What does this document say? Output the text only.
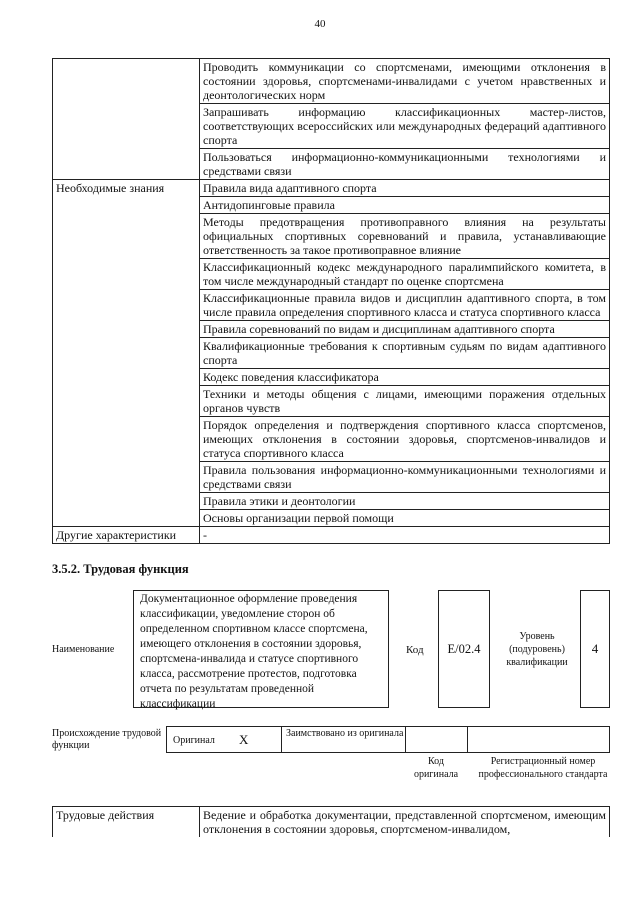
40
	Проводить коммуникации со спортсменами, имеющими отклонения в состоянии здоровья, спортсменами-инвалидами с учетом нравственных и деонтологических норм
	Запрашивать информацию классификационных мастер-листов, соответствующих всероссийских или международных федераций адаптивного спорта
	Пользоваться информационно-коммуникационными технологиями и средствами связи
Необходимые знания	Правила вида адаптивного спорта
	Антидопинговые правила
	Методы предотвращения противоправного влияния на результаты официальных спортивных соревнований и правила, устанавливающие ответственность за такое противоправное влияние
	Классификационный кодекс международного паралимпийского комитета, в том числе международный стандарт по оценке спортсмена
	Классификационные правила видов и дисциплин адаптивного спорта, в том числе правила определения спортивного класса и статуса спортивного класса
	Правила соревнований по видам и дисциплинам адаптивного спорта
	Квалификационные требования к спортивным судьям по видам адаптивного спорта
	Кодекс поведения классификатора
	Техники и методы общения с лицами, имеющими поражения отдельных органов чувств
	Порядок определения и подтверждения спортивного класса спортсменов, имеющих отклонения в состоянии здоровья, спортсменов-инвалидов и статуса спортивного класса
	Правила пользования информационно-коммуникационными технологиями и средствами связи
	Правила этики и деонтологии
	Основы организации первой помощи
Другие характеристики	-
3.5.2. Трудовая функция
Наименование
Документационное оформление проведения классификации, уведомление сторон об определенном спортивном классе спортсмена, имеющего отклонения в состоянии здоровья, спортсмена-инвалида и статусе спортивного класса, рассмотрение протестов, подготовка отчета по результатам проведенной классификации
Код E/02.4
Уровень (подуровень) квалификации
4
Происхождение трудовой функции	Оригинал X	Заимствовано из оригинала
Код оригинала
Регистрационный номер профессионального стандарта
Трудовые действия	Ведение и обработка документации, представленной спортсменом, имеющим отклонения в состоянии здоровья, спортсменом-инвалидом,
